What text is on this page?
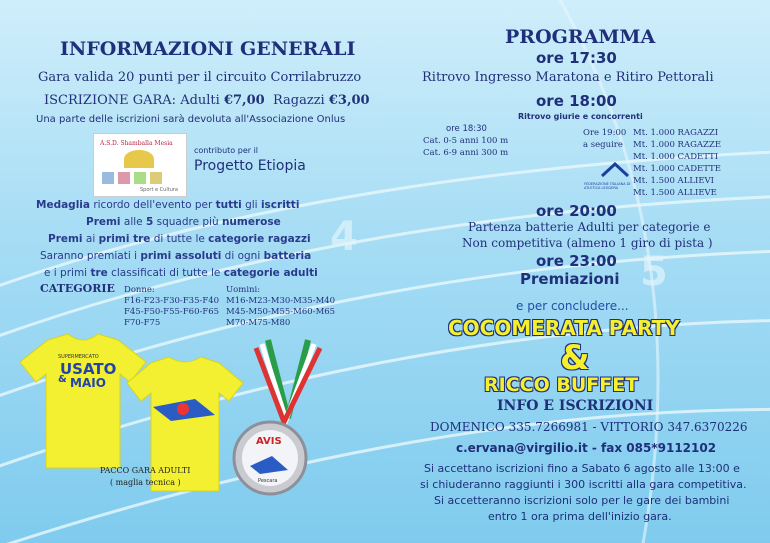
4
5
INFORMAZIONI GENERALI
Gara valida 20 punti per il circuito Corrilabruzzo
ISCRIZIONE GARA: Adulti €7,00 Ragazzi €3,00
Una parte delle iscrizioni sarà devoluta all'Associazione Onlus
A.S.D. Shamballa Mesia
Sport e Cultura
contributo per il
Progetto Etiopia
Medaglia ricordo dell'evento per tutti gli iscritti
Premi alle 5 squadre più numerose
Premi ai primi tre di tutte le categorie ragazzi
Saranno premiati i primi assoluti di ogni batteria
e i primi tre classificati di tutte le categorie adulti
CATEGORIE Donne:
F16-F23-F30-F35-F40
F45-F50-F55-F60-F65
F70-F75
Uomini:
M16-M23-M30-M35-M40
M45-M50-M55-M60-M65
M70-M75-M80
SUPERMERCATO
USATO
& MAIO
PACCO GARA ADULTI
( maglia tecnica )
AVIS
Pescara
PROGRAMMA
ore 17:30
Ritrovo Ingresso Maratona e Ritiro Pettorali
ore 18:00
Ritrovo giurie e concorrenti
ore 18:30
Cat. 0-5 anni 100 m
Cat. 6-9 anni 300 m
Ore 19:00
a seguire
Mt. 1.000 RAGAZZI
Mt. 1.000 RAGAZZE
Mt. 1.000 CADETTI
Mt. 1.000 CADETTE
Mt. 1.500 ALLIEVI
Mt. 1.500 ALLIEVE
FEDERAZIONE ITALIANA DI ATLETICA LEGGERA
ore 20:00
Partenza batterie Adulti per categorie e
Non competitiva (almeno 1 giro di pista )
ore 23:00
Premiazioni
e per concludere...
COCOMERATA PARTY
&
RICCO BUFFET
INFO E ISCRIZIONI
DOMENICO 335.7266981 - VITTORIO 347.6370226
c.ervana@virgilio.it - fax 085*9112102
Si accettano iscrizioni fino a Sabato 6 agosto alle 13:00 e
si chiuderanno raggiunti i 300 iscritti alla gara competitiva.
Si accetteranno iscrizioni solo per le gare dei bambini
entro 1 ora prima dell'inizio gara.
